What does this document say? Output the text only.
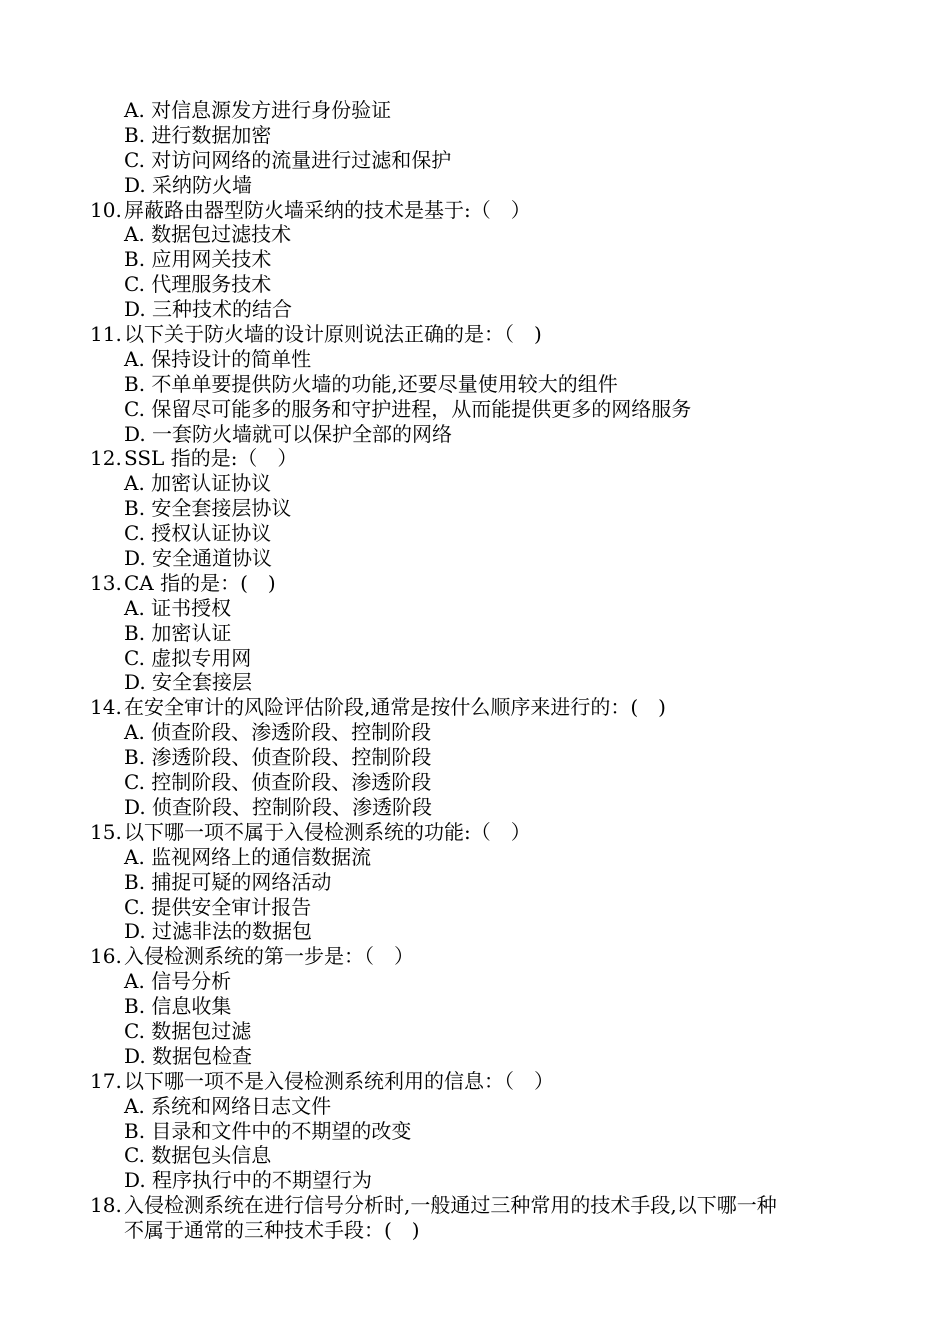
A. 对信息源发方进行身份验证
B. 进行数据加密
C. 对访问网络的流量进行过滤和保护
D. 采纳防火墙
10. 屏蔽路由器型防火墙采纳的技术是基于:（　）
A. 数据包过滤技术
B. 应用网关技术
C. 代理服务技术
D. 三种技术的结合
11. 以下关于防火墙的设计原则说法正确的是：（　)
A. 保持设计的简单性
B. 不单单要提供防火墙的功能,还要尽量使用较大的组件
C. 保留尽可能多的服务和守护进程，从而能提供更多的网络服务
D. 一套防火墙就可以保护全部的网络
12. SSL 指的是:（　）
A. 加密认证协议
B. 安全套接层协议
C. 授权认证协议
D. 安全通道协议
13. CA 指的是：(　)
A. 证书授权
B. 加密认证
C. 虚拟专用网
D. 安全套接层
14. 在安全审计的风险评估阶段,通常是按什么顺序来进行的：(　)
A. 侦查阶段、渗透阶段、控制阶段
B. 渗透阶段、侦查阶段、控制阶段
C. 控制阶段、侦查阶段、渗透阶段
D. 侦查阶段、控制阶段、渗透阶段
15. 以下哪一项不属于入侵检测系统的功能:（　）
A. 监视网络上的通信数据流
B. 捕捉可疑的网络活动
C. 提供安全审计报告
D. 过滤非法的数据包
16. 入侵检测系统的第一步是：（　）
A. 信号分析
B. 信息收集
C. 数据包过滤
D. 数据包检查
17. 以下哪一项不是入侵检测系统利用的信息：（　）
A. 系统和网络日志文件
B. 目录和文件中的不期望的改变
C. 数据包头信息
D. 程序执行中的不期望行为
18. 入侵检测系统在进行信号分析时,一般通过三种常用的技术手段,以下哪一种
不属于通常的三种技术手段：(　)
